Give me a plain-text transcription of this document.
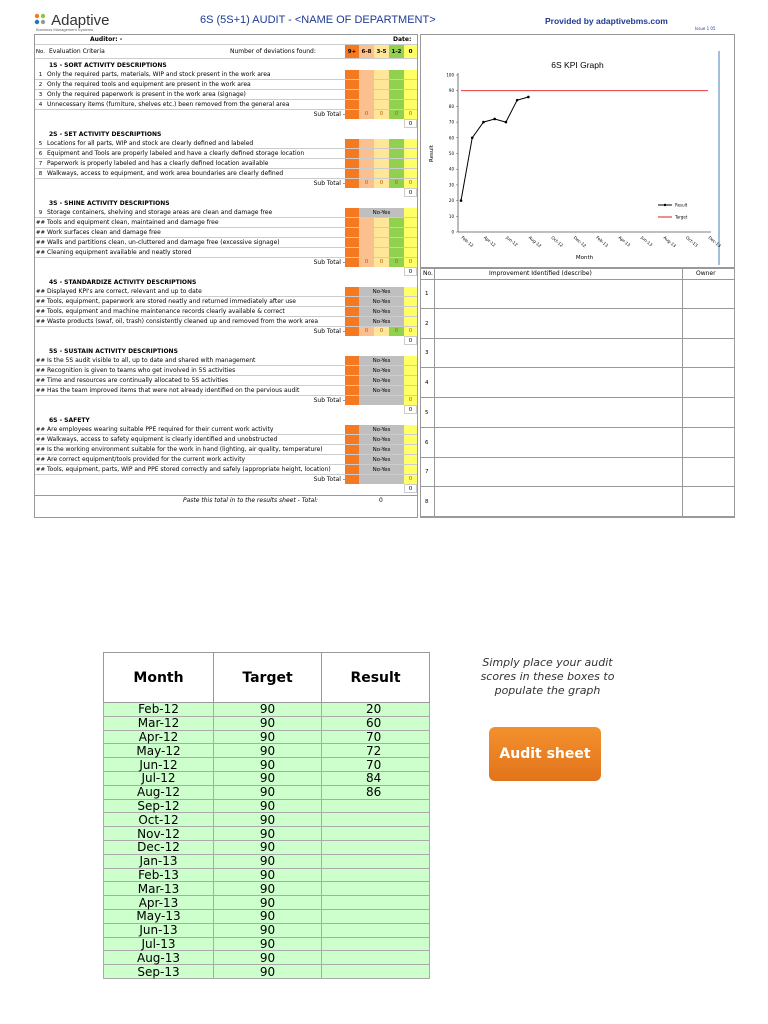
Adaptive
Business Management Systems
6S (5S+1) AUDIT - <NAME OF DEPARTMENT>	Provided by adaptivebms.com
Issue 1 05
Auditor: -	Date:
No. Evaluation Criteria	Number of deviations found:	9+ 6-8 3-5 1-2	0
1S - SORT ACTIVITY DESCRIPTIONS
1 Only the required parts, materials, WIP and stock present in the work area
2 Only the required tools and equipment are present in the work area
3 Only the required paperwork is present in the work area (signage)
4 Unnecessary items (furniture, shelves etc.) been removed from the general area
Sub Total -	0	0	0	0
0
2S - SET ACTIVITY DESCRIPTIONS
5 Locations for all parts, WIP and stock are clearly defined and labeled
6 Equipment and Tools are properly labeled and have a clearly defined storage location
7 Paperwork is properly labeled and has a clearly defined location available
8 Walkways, access to equipment, and work area boundaries are clearly defined
Sub Total -	0	0	0	0
0
3S - SHINE ACTIVITY DESCRIPTIONS
9 Storage containers, shelving and storage areas are clean and damage free	No-Yes
## Tools and equipment clean, maintained and damage free
## Work surfaces clean and damage free
## Walls and partitions clean, un-cluttered and damage free (excessive signage)
## Cleaning equipment available and neatly stored
Sub Total -	0	0	0	0
0
4S - STANDARDIZE ACTIVITY DESCRIPTIONS
## Displayed KPI's are correct, relevant and up to date	No-Yes
## Tools, equipment, paperwork are stored neatly and returned immediately after use	No-Yes
## Tools, equipment and machine maintenance records clearly available & correct	No-Yes
## Waste products (swaf, oil, trash) consistently cleaned up and removed from the work area	No-Yes
Sub Total -	0	0	0	0
0
5S - SUSTAIN ACTIVITY DESCRIPTIONS
## Is the 5S audit visible to all, up to date and shared with management	No-Yes
## Recognition is given to teams who get involved in 5S activities	No-Yes
## Time and resources are continually allocated to 5S activities	No-Yes
## Has the team improved items that were not already identified on the pervious audit	No-Yes
Sub Total -	0
0
6S - SAFETY
## Are employees wearing suitable PPE required for their current work activity	No-Yes
## Walkways, access to safety equipment is clearly identified and unobstructed	No-Yes
## Is the working environment suitable for the work in hand (lighting, air quality, temperature)	No-Yes
## Are correct equipment/tools provided for the current work activity	No-Yes
## Tools, equipment, parts, WIP and PPE stored correctly and safely (appropriate height, location)	No-Yes
Sub Total -	0
0
Paste this total in to the results sheet - Total:	0
6S KPI Graph
0
10
20
30
40
50
60
70
80
90
100
Feb-12 Apr-12 Jun-12 Aug-12 Oct-12 Dec-12 Feb-13 Apr-13 Jun-13 Aug-13 Oct-13 Dec-13
Month
Result
Result
Target
No.	Improvement Identified (describe)	Owner
1
2
3
4
5
6
7
8
Month	Target	Result
Feb-12	90	20
Mar-12	90	60
Apr-12	90	70
May-12	90	72
Jun-12	90	70
Jul-12	90	84
Aug-12	90	86
Sep-12	90	
Oct-12	90	
Nov-12	90	
Dec-12	90	
Jan-13	90	
Feb-13	90	
Mar-13	90	
Apr-13	90	
May-13	90	
Jun-13	90	
Jul-13	90	
Aug-13	90	
Sep-13	90	
Simply place your audit scores in these boxes to populate the graph
Audit sheet
